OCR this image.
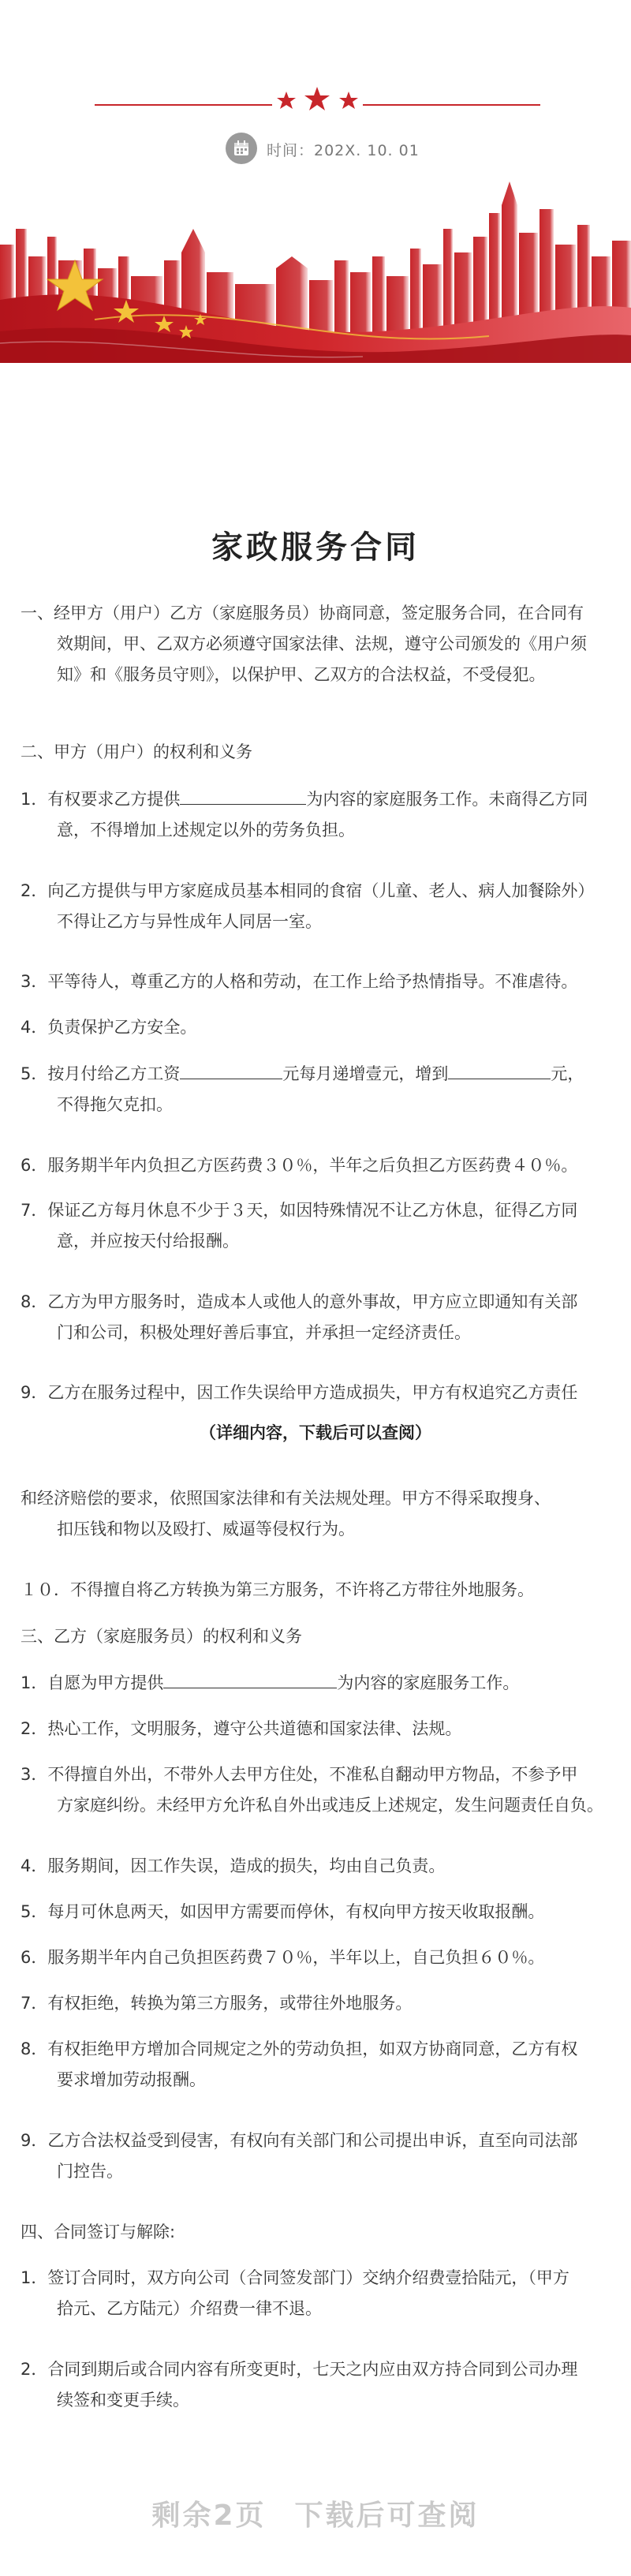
时间：202X. 10. 01
家政服务合同
一、经甲方（用户）乙方（家庭服务员）协商同意，签定服务合同，在合同有
效期间，甲、乙双方必须遵守国家法律、法规，遵守公司颁发的《用户须
知》和《服务员守则》，以保护甲、乙双方的合法权益，不受侵犯。
二、甲方（用户）的权利和义务
1．有权要求乙方提供	为内容的家庭服务工作。未商得乙方同
意，不得增加上述规定以外的劳务负担。
2．向乙方提供与甲方家庭成员基本相同的食宿（儿童、老人、病人加餐除外）
不得让乙方与异性成年人同居一室。
3．平等待人，尊重乙方的人格和劳动，在工作上给予热情指导。不准虐待。
4．负责保护乙方安全。
5．按月付给乙方工资	元每月递增壹元，增到	元，
不得拖欠克扣。
6．服务期半年内负担乙方医药费３０％，半年之后负担乙方医药费４０％。
7．保证乙方每月休息不少于３天，如因特殊情况不让乙方休息，征得乙方同
意，并应按天付给报酬。
8．乙方为甲方服务时，造成本人或他人的意外事故，甲方应立即通知有关部
门和公司，积极处理好善后事宜，并承担一定经济责任。
9．乙方在服务过程中，因工作失误给甲方造成损失，甲方有权追究乙方责任
（详细内容，下载后可以查阅）
和经济赔偿的要求，依照国家法律和有关法规处理。甲方不得采取搜身、
扣压钱和物以及殴打、威逼等侵权行为。
１０．不得擅自将乙方转换为第三方服务，不许将乙方带往外地服务。
三、乙方（家庭服务员）的权利和义务
1．自愿为甲方提供	为内容的家庭服务工作。
2．热心工作，文明服务，遵守公共道德和国家法律、法规。
3．不得擅自外出，不带外人去甲方住处，不准私自翻动甲方物品，不参予甲
方家庭纠纷。未经甲方允许私自外出或违反上述规定，发生问题责任自负。
4．服务期间，因工作失误，造成的损失，均由自己负责。
5．每月可休息两天，如因甲方需要而停休，有权向甲方按天收取报酬。
6．服务期半年内自己负担医药费７０％，半年以上，自己负担６０％。
7．有权拒绝，转换为第三方服务，或带往外地服务。
8．有权拒绝甲方增加合同规定之外的劳动负担，如双方协商同意，乙方有权
要求增加劳动报酬。
9．乙方合法权益受到侵害，有权向有关部门和公司提出申诉，直至向司法部
门控告。
四、合同签订与解除:
1．签订合同时，双方向公司（合同签发部门）交纳介绍费壹拾陆元，（甲方
拾元、乙方陆元）介绍费一律不退。
2．合同到期后或合同内容有所变更时，七天之内应由双方持合同到公司办理
续签和变更手续。
剩余2页 下载后可查阅
